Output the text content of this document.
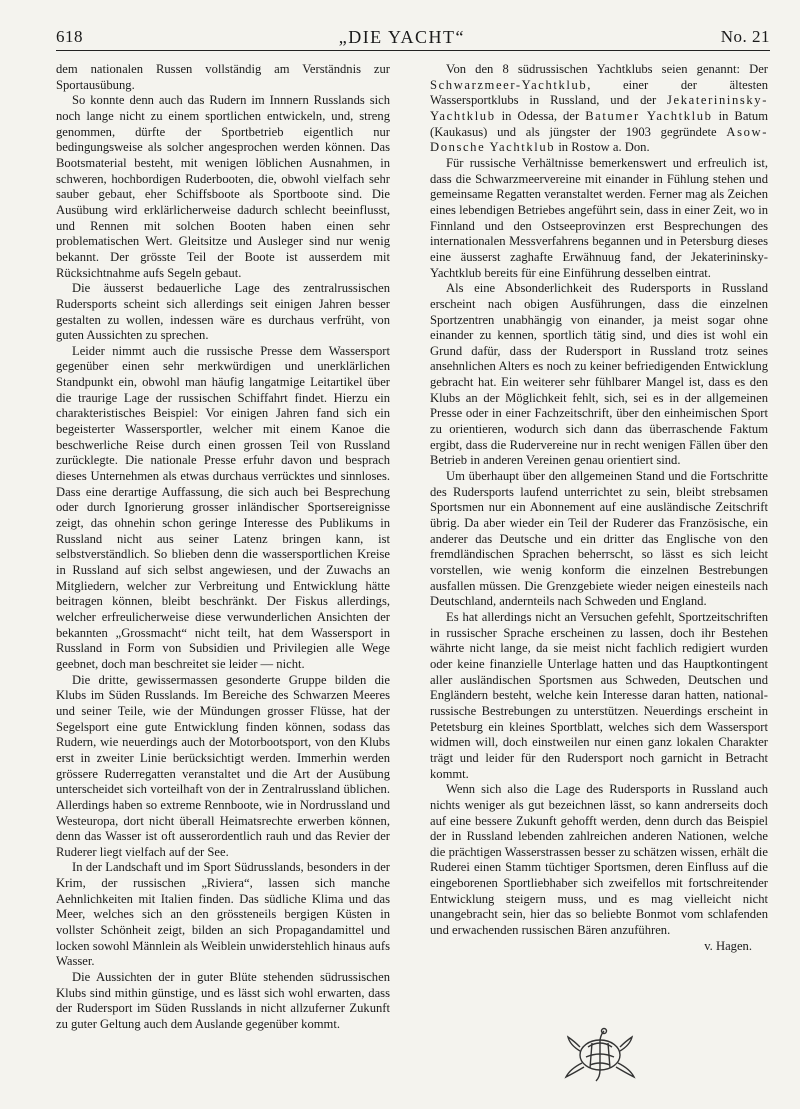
618	„DIE YACHT“	No. 21

dem nationalen Russen vollständig am Verständnis zur Sportausübung.

So konnte denn auch das Rudern im Innnern Russlands sich noch lange nicht zu einem sportlichen entwickeln, und, streng genommen, dürfte der Sportbetrieb eigentlich nur bedingungsweise als solcher angesprochen werden können. Das Bootsmaterial besteht, mit wenigen löblichen Ausnahmen, in schweren, hochbordigen Ruderbooten, die, obwohl vielfach sehr sauber gebaut, eher Schiffsboote als Sportboote sind. Die Ausübung wird erklärlicherweise dadurch schlecht beeinflusst, und Rennen mit solchen Booten haben einen sehr problematischen Wert. Gleitsitze und Ausleger sind nur wenig bekannt. Der grösste Teil der Boote ist ausserdem mit Rücksichtnahme aufs Segeln gebaut.

Die äusserst bedauerliche Lage des zentralrussischen Rudersports scheint sich allerdings seit einigen Jahren besser gestalten zu wollen, indessen wäre es durchaus verfrüht, von guten Aussichten zu sprechen.

Leider nimmt auch die russische Presse dem Wassersport gegenüber einen sehr merkwürdigen und unerklärlichen Standpunkt ein, obwohl man häufig langatmige Leitartikel über die traurige Lage der russischen Schiffahrt findet. Hierzu ein charakteristisches Beispiel: Vor einigen Jahren fand sich ein begeisterter Wassersportler, welcher mit einem Kanoe die beschwerliche Reise durch einen grossen Teil von Russland zurücklegte. Die nationale Presse erfuhr davon und besprach dieses Unternehmen als etwas durchaus verrücktes und sinnloses. Dass eine derartige Auffassung, die sich auch bei Besprechung oder durch Ignorierung grosser inländischer Sportsereignisse zeigt, das ohnehin schon geringe Interesse des Publikums in Russland nicht aus seiner Latenz bringen kann, ist selbstverständlich. So blieben denn die wassersportlichen Kreise in Russland auf sich selbst angewiesen, und der Zuwachs an Mitgliedern, welcher zur Verbreitung und Entwicklung hätte beitragen können, bleibt beschränkt. Der Fiskus allerdings, welcher erfreulicherweise diese verwunderlichen Ansichten der bekannten „Grossmacht“ nicht teilt, hat dem Wassersport in Russland in Form von Subsidien und Privilegien alle Wege geebnet, doch man beschreitet sie leider — nicht.

Die dritte, gewissermassen gesonderte Gruppe bilden die Klubs im Süden Russlands. Im Bereiche des Schwarzen Meeres und seiner Teile, wie der Mündungen grosser Flüsse, hat der Segelsport eine gute Entwicklung finden können, sodass das Rudern, wie neuerdings auch der Motorbootsport, von den Klubs erst in zweiter Linie berücksichtigt werden. Immerhin werden grössere Ruderregatten veranstaltet und die Art der Ausübung unterscheidet sich vorteilhaft von der in Zentralrussland üblichen. Allerdings haben so extreme Rennboote, wie in Nordrussland und Westeuropa, dort nicht überall Heimatsrechte erwerben können, denn das Wasser ist oft ausserordentlich rauh und das Revier der Ruderer liegt vielfach auf der See.

In der Landschaft und im Sport Südrusslands, besonders in der Krim, der russischen „Riviera“, lassen sich manche Aehnlichkeiten mit Italien finden. Das südliche Klima und das Meer, welches sich an den grössteneils bergigen Küsten in vollster Schönheit zeigt, bilden an sich Propagandamittel und locken sowohl Männlein als Weiblein unwiderstehlich hinaus aufs Wasser.

Die Aussichten der in guter Blüte stehenden südrussischen Klubs sind mithin günstige, und es lässt sich wohl erwarten, dass der Rudersport im Süden Russlands in nicht allzuferner Zukunft zu guter Geltung auch dem Auslande gegenüber kommt.

Von den 8 südrussischen Yachtklubs seien genannt: Der Schwarzmeer-Yachtklub, einer der ältesten Wassersportklubs in Russland, und der Jekaterininsky-Yachtklub in Odessa, der Batumer Yachtklub in Batum (Kaukasus) und als jüngster der 1903 gegründete Asow-Donsche Yachtklub in Rostow a. Don.

Für russische Verhältnisse bemerkenswert und erfreulich ist, dass die Schwarzmeervereine mit einander in Fühlung stehen und gemeinsame Regatten veranstaltet werden. Ferner mag als Zeichen eines lebendigen Betriebes angeführt sein, dass in einer Zeit, wo in Finnland und den Ostseeprovinzen erst Besprechungen des internationalen Messverfahrens begannen und in Petersburg dieses eine äusserst zaghafte Erwähnuug fand, der Jekaterininsky-Yachtklub bereits für eine Einführung desselben eintrat.

Als eine Absonderlichkeit des Rudersports in Russland erscheint nach obigen Ausführungen, dass die einzelnen Sportzentren unabhängig von einander, ja meist sogar ohne einander zu kennen, sportlich tätig sind, und dies ist wohl ein Grund dafür, dass der Rudersport in Russland trotz seines ansehnlichen Alters es noch zu keiner befriedigenden Entwicklung gebracht hat. Ein weiterer sehr fühlbarer Mangel ist, dass es den Klubs an der Möglichkeit fehlt, sich, sei es in der allgemeinen Presse oder in einer Fachzeitschrift, über den einheimischen Sport zu orientieren, wodurch sich dann das überraschende Faktum ergibt, dass die Rudervereine nur in recht wenigen Fällen über den Betrieb in anderen Vereinen genau orientiert sind.

Um überhaupt über den allgemeinen Stand und die Fortschritte des Rudersports laufend unterrichtet zu sein, bleibt strebsamen Sportsmen nur ein Abonnement auf eine ausländische Zeitschrift übrig. Da aber wieder ein Teil der Ruderer das Französische, ein anderer das Deutsche und ein dritter das Englische von den fremdländischen Sprachen beherrscht, so lässt es sich leicht vorstellen, wie wenig konform die einzelnen Bestrebungen ausfallen müssen. Die Grenzgebiete wieder neigen einesteils nach Deutschland, andernteils nach Schweden und England.

Es hat allerdings nicht an Versuchen gefehlt, Sportzeitschriften in russischer Sprache erscheinen zu lassen, doch ihr Bestehen währte nicht lange, da sie meist nicht fachlich redigiert wurden oder keine finanzielle Unterlage hatten und das Hauptkontingent aller ausländischen Sportsmen aus Schweden, Deutschen und Engländern besteht, welche kein Interesse daran hatten, national-russische Bestrebungen zu unterstützen. Neuerdings erscheint in Petetsburg ein kleines Sportblatt, welches sich dem Wassersport widmen will, doch einstweilen nur einen ganz lokalen Charakter trägt und leider für den Rudersport noch garnicht in Betracht kommt.

Wenn sich also die Lage des Rudersports in Russland auch nichts weniger als gut bezeichnen lässt, so kann andrerseits doch auf eine bessere Zukunft gehofft werden, denn durch das Beispiel der in Russland lebenden zahlreichen anderen Nationen, welche die prächtigen Wasserstrassen besser zu schätzen wissen, erhält die Ruderei einen Stamm tüchtiger Sportsmen, deren Einfluss auf die eingeborenen Sportliebhaber sich zweifellos mit fortschreitender Entwicklung steigern muss, und es mag vielleicht nicht unangebracht sein, hier das so beliebte Bonmot vom schlafenden und erwachenden russischen Bären anzuführen.

v. Hagen.
